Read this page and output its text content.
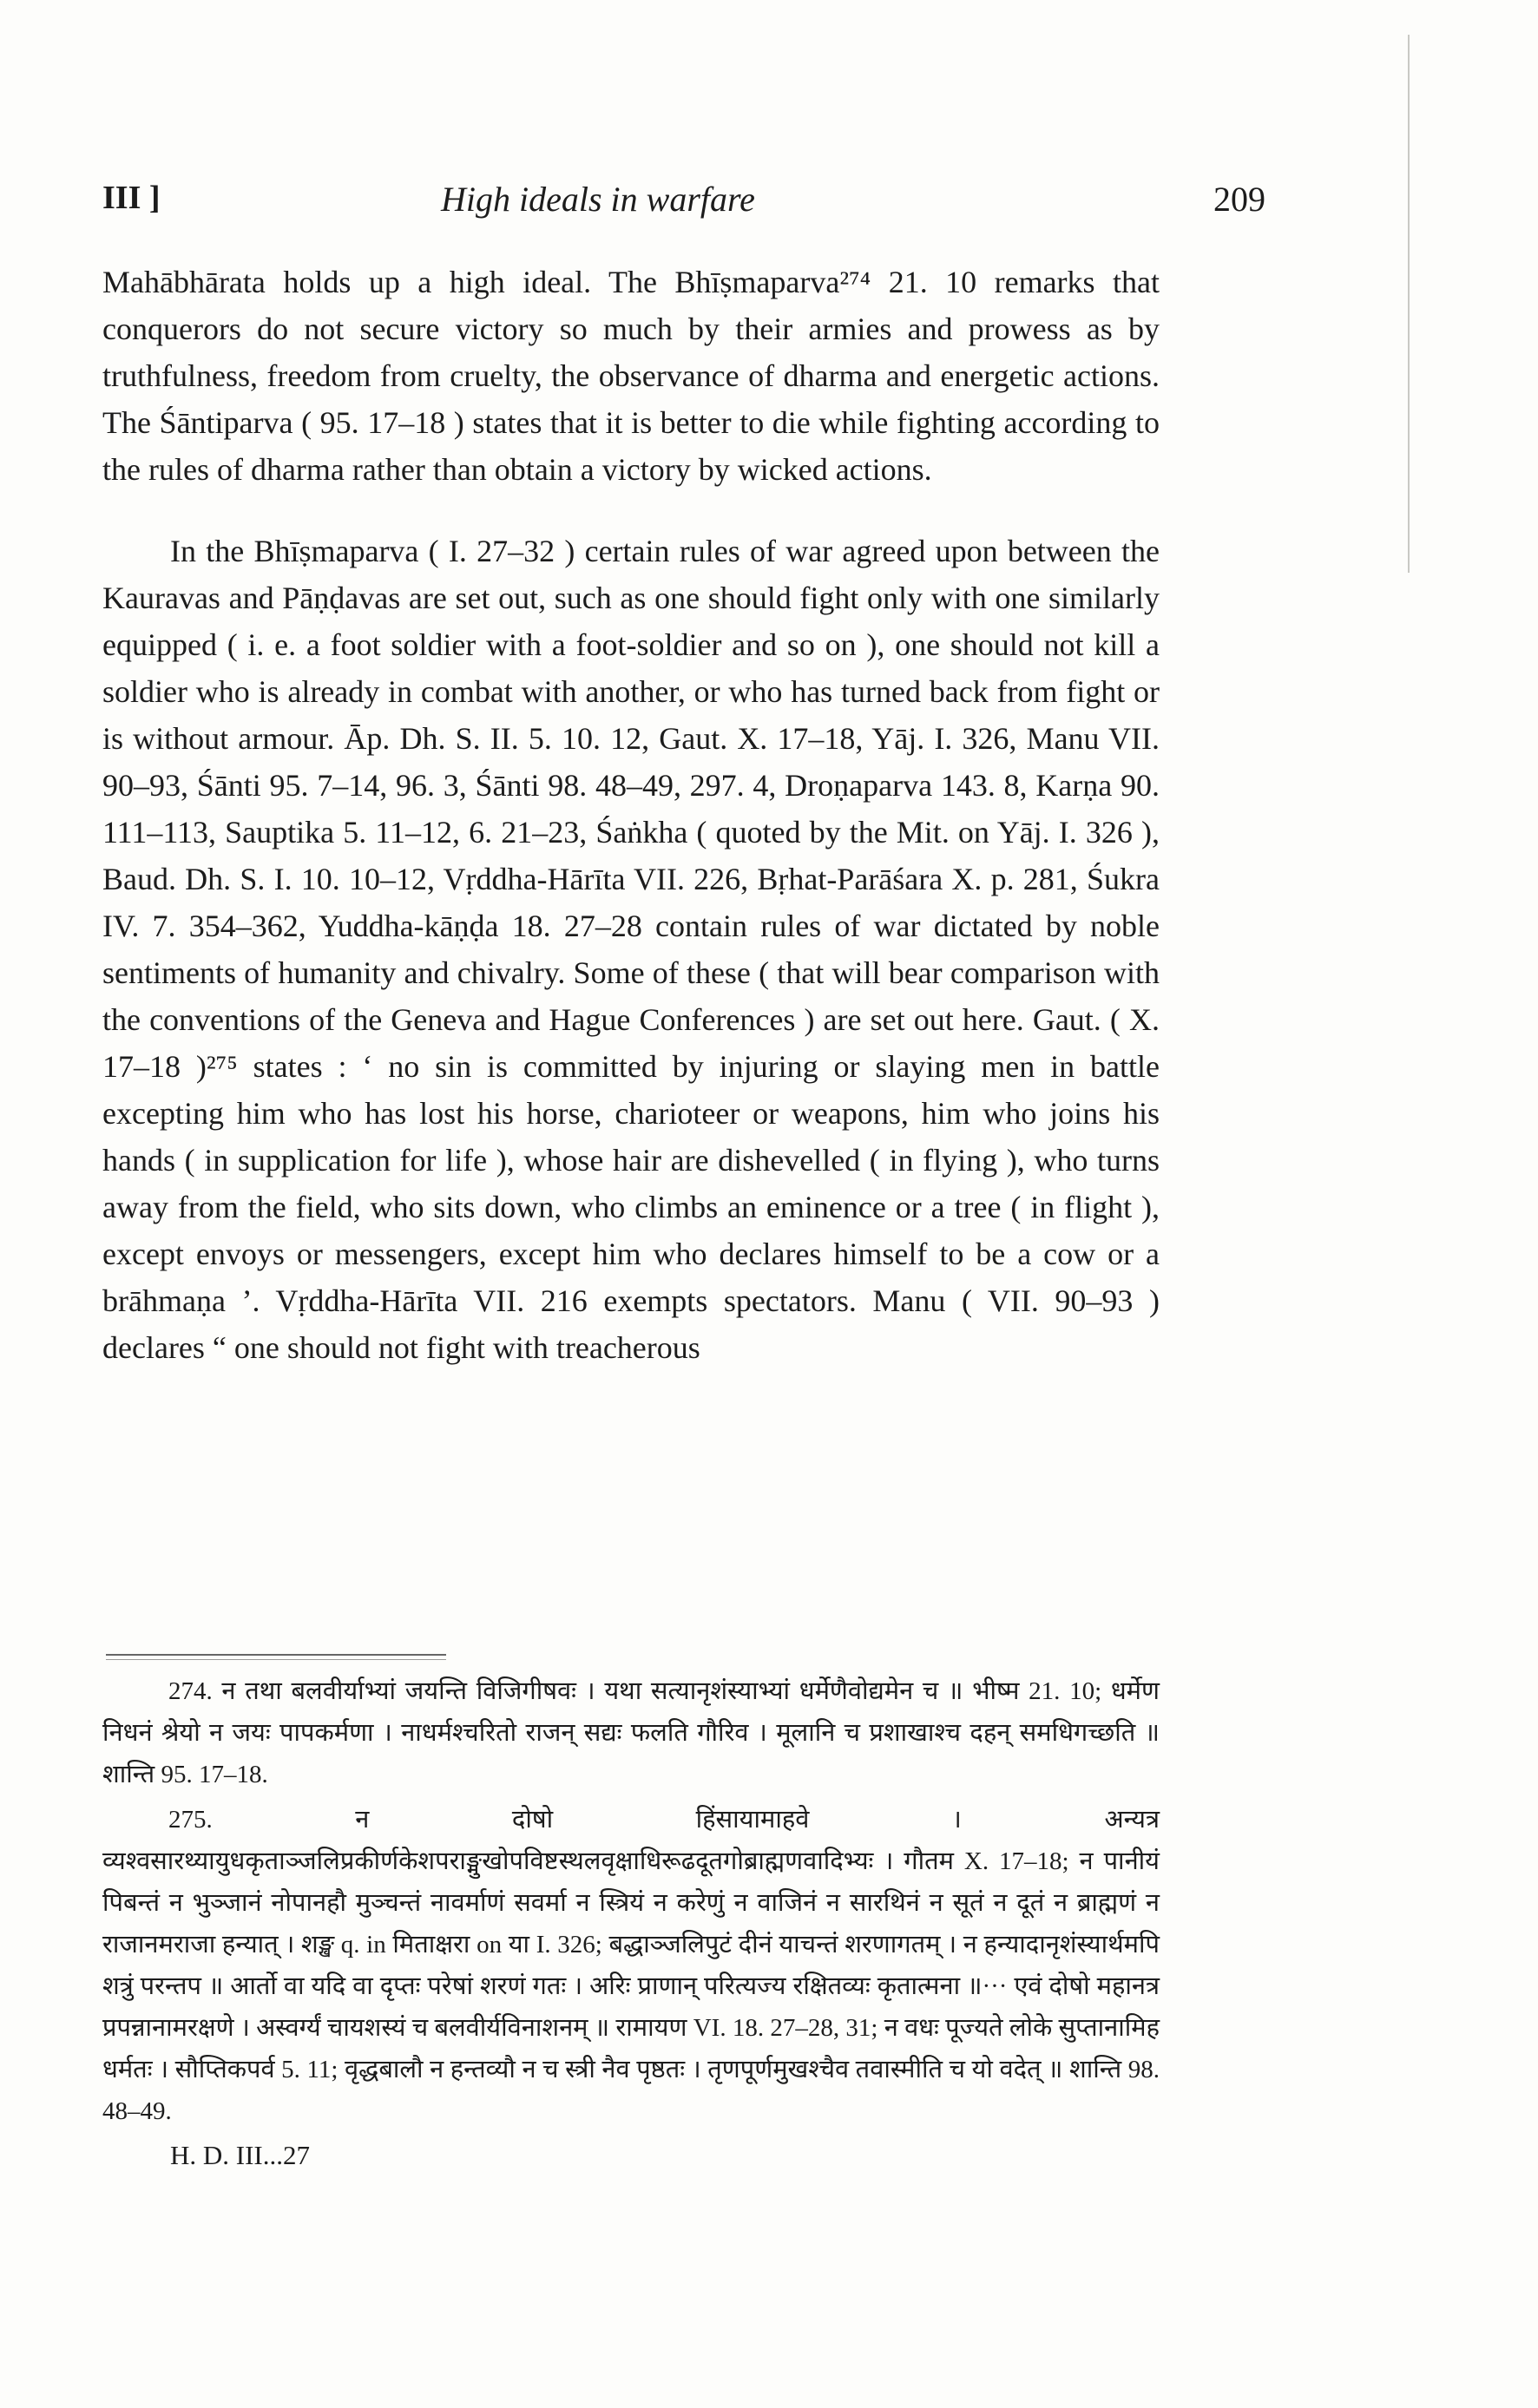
III ]	High ideals in warfare	209

Mahābhārata holds up a high ideal. The Bhīṣmaparva²⁷⁴ 21. 10 remarks that conquerors do not secure victory so much by their armies and prowess as by truthfulness, freedom from cruelty, the observance of dharma and energetic actions. The Śāntiparva ( 95. 17–18 ) states that it is better to die while fighting according to the rules of dharma rather than obtain a victory by wicked actions.

In the Bhīṣmaparva ( I. 27–32 ) certain rules of war agreed upon between the Kauravas and Pāṇḍavas are set out, such as one should fight only with one similarly equipped ( i. e. a foot soldier with a foot-soldier and so on ), one should not kill a soldier who is already in combat with another, or who has turned back from fight or is without armour. Āp. Dh. S. II. 5. 10. 12, Gaut. X. 17–18, Yāj. I. 326, Manu VII. 90–93, Śānti 95. 7–14, 96. 3, Śānti 98. 48–49, 297. 4, Droṇaparva 143. 8, Karṇa 90. 111–113, Sauptika 5. 11–12, 6. 21–23, Śaṅkha ( quoted by the Mit. on Yāj. I. 326 ), Baud. Dh. S. I. 10. 10–12, Vṛddha-Hārīta VII. 226, Bṛhat-Parāśara X. p. 281, Śukra IV. 7. 354–362, Yuddha-kāṇḍa 18. 27–28 contain rules of war dictated by noble sentiments of humanity and chivalry. Some of these ( that will bear comparison with the conventions of the Geneva and Hague Conferences ) are set out here. Gaut. ( X. 17–18 )²⁷⁵ states : ‘ no sin is committed by injuring or slaying men in battle excepting him who has lost his horse, charioteer or weapons, him who joins his hands ( in supplication for life ), whose hair are dishevelled ( in flying ), who turns away from the field, who sits down, who climbs an eminence or a tree ( in flight ), except envoys or messengers, except him who declares himself to be a cow or a brāhmaṇa ’. Vṛddha-Hārīta VII. 216 exempts spectators. Manu ( VII. 90–93 ) declares “ one should not fight with treacherous

274. न तथा बलवीर्याभ्यां जयन्ति विजिगीषवः । यथा सत्यानृशंस्याभ्यां धर्मेणैवोद्यमेन च ॥ भीष्म 21. 10; धर्मेण निधनं श्रेयो न जयः पापकर्मणा । नाधर्मश्चरितो राजन् सद्यः फलति गौरिव । मूलानि च प्रशाखाश्च दहन् समधिगच्छति ॥ शान्ति 95. 17–18.

275. न दोषो हिंसायामाहवे । अन्यत्र व्यश्वसारथ्यायुधकृताञ्जलिप्रकीर्णकेशपराङ्मुखोपविष्टस्थलवृक्षाधिरूढदूतगोब्राह्मणवादिभ्यः । गौतम X. 17–18; न पानीयं पिबन्तं न भुञ्जानं नोपानहौ मुञ्चन्तं नावर्माणं सवर्मा न स्त्रियं न करेणुं न वाजिनं न सारथिनं न सूतं न दूतं न ब्राह्मणं न राजानमराजा हन्यात् । शङ्ख q. in मिताक्षरा on या I. 326; बद्धाञ्जलिपुटं दीनं याचन्तं शरणागतम् । न हन्यादानृशंस्यार्थमपि शत्रुं परन्तप ॥ आर्तो वा यदि वा दृप्तः परेषां शरणं गतः । अरिः प्राणान् परित्यज्य रक्षितव्यः कृतात्मना ॥··· एवं दोषो महानत्र प्रपन्नानामरक्षणे । अस्वर्ग्यं चायशस्यं च बलवीर्यविनाशनम् ॥ रामायण VI. 18. 27–28, 31; न वधः पूज्यते लोके सुप्तानामिह धर्मतः । सौप्तिकपर्व 5. 11; वृद्धबालौ न हन्तव्यौ न च स्त्री नैव पृष्ठतः । तृणपूर्णमुखश्चैव तवास्मीति च यो वदेत् ॥ शान्ति 98. 48–49.

H. D. III...27
